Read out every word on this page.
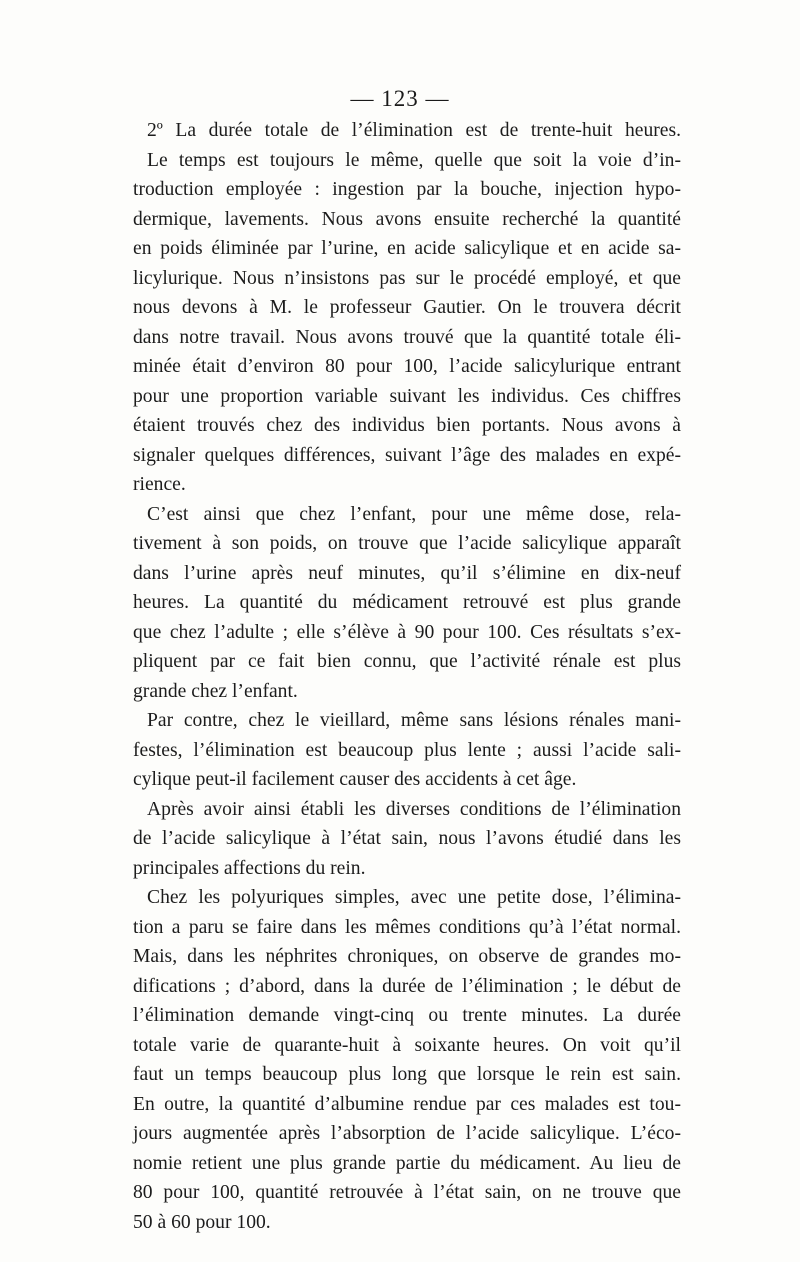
— 123 —
2º La durée totale de l’élimination est de trente-huit heures.
Le temps est toujours le même, quelle que soit la voie d’in-
troduction employée : ingestion par la bouche, injection hypo-
dermique, lavements. Nous avons ensuite recherché la quantité
en poids éliminée par l’urine, en acide salicylique et en acide sa-
licylurique. Nous n’insistons pas sur le procédé employé, et que
nous devons à M. le professeur Gautier. On le trouvera décrit
dans notre travail. Nous avons trouvé que la quantité totale éli-
minée était d’environ 80 pour 100, l’acide salicylurique entrant
pour une proportion variable suivant les individus. Ces chiffres
étaient trouvés chez des individus bien portants. Nous avons à
signaler quelques différences, suivant l’âge des malades en expé-
rience.
C’est ainsi que chez l’enfant, pour une même dose, rela-
tivement à son poids, on trouve que l’acide salicylique apparaît
dans l’urine après neuf minutes, qu’il s’élimine en dix-neuf
heures. La quantité du médicament retrouvé est plus grande
que chez l’adulte ; elle s’élève à 90 pour 100. Ces résultats s’ex-
pliquent par ce fait bien connu, que l’activité rénale est plus
grande chez l’enfant.
Par contre, chez le vieillard, même sans lésions rénales mani-
festes, l’élimination est beaucoup plus lente ; aussi l’acide sali-
cylique peut-il facilement causer des accidents à cet âge.
Après avoir ainsi établi les diverses conditions de l’élimination
de l’acide salicylique à l’état sain, nous l’avons étudié dans les
principales affections du rein.
Chez les polyuriques simples, avec une petite dose, l’élimina-
tion a paru se faire dans les mêmes conditions qu’à l’état normal.
Mais, dans les néphrites chroniques, on observe de grandes mo-
difications ; d’abord, dans la durée de l’élimination ; le début de
l’élimination demande vingt-cinq ou trente minutes. La durée
totale varie de quarante-huit à soixante heures. On voit qu’il
faut un temps beaucoup plus long que lorsque le rein est sain.
En outre, la quantité d’albumine rendue par ces malades est tou-
jours augmentée après l’absorption de l’acide salicylique. L’éco-
nomie retient une plus grande partie du médicament. Au lieu de
80 pour 100, quantité retrouvée à l’état sain, on ne trouve que
50 à 60 pour 100.
